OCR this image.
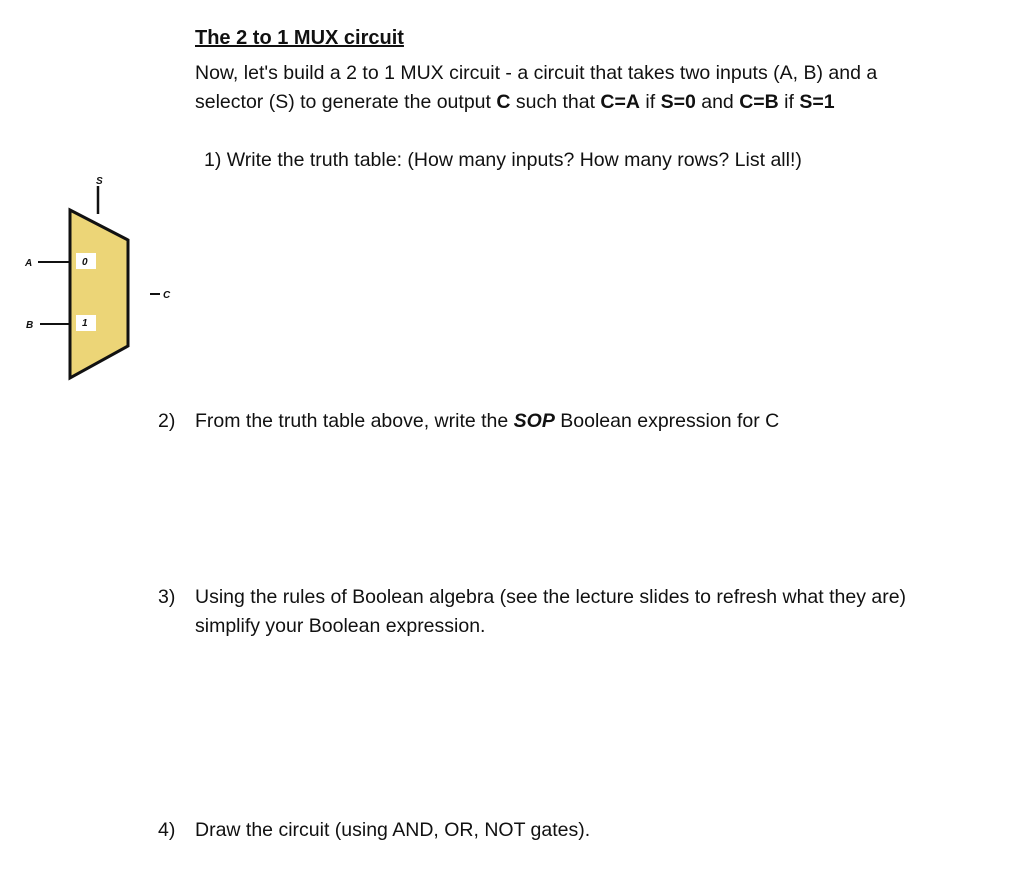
The 2 to 1 MUX circuit
Now, let's build a 2 to 1 MUX circuit - a circuit that takes two inputs (A, B) and a
selector (S) to generate the output C such that C=A if S=0 and C=B if S=1
1) Write the truth table: (How many inputs? How many rows? List all!)
S
A
B
C
0
1
2) From the truth table above, write the SOP Boolean expression for C
3) Using the rules of Boolean algebra (see the lecture slides to refresh what they are)
simplify your Boolean expression.
4) Draw the circuit (using AND, OR, NOT gates).
